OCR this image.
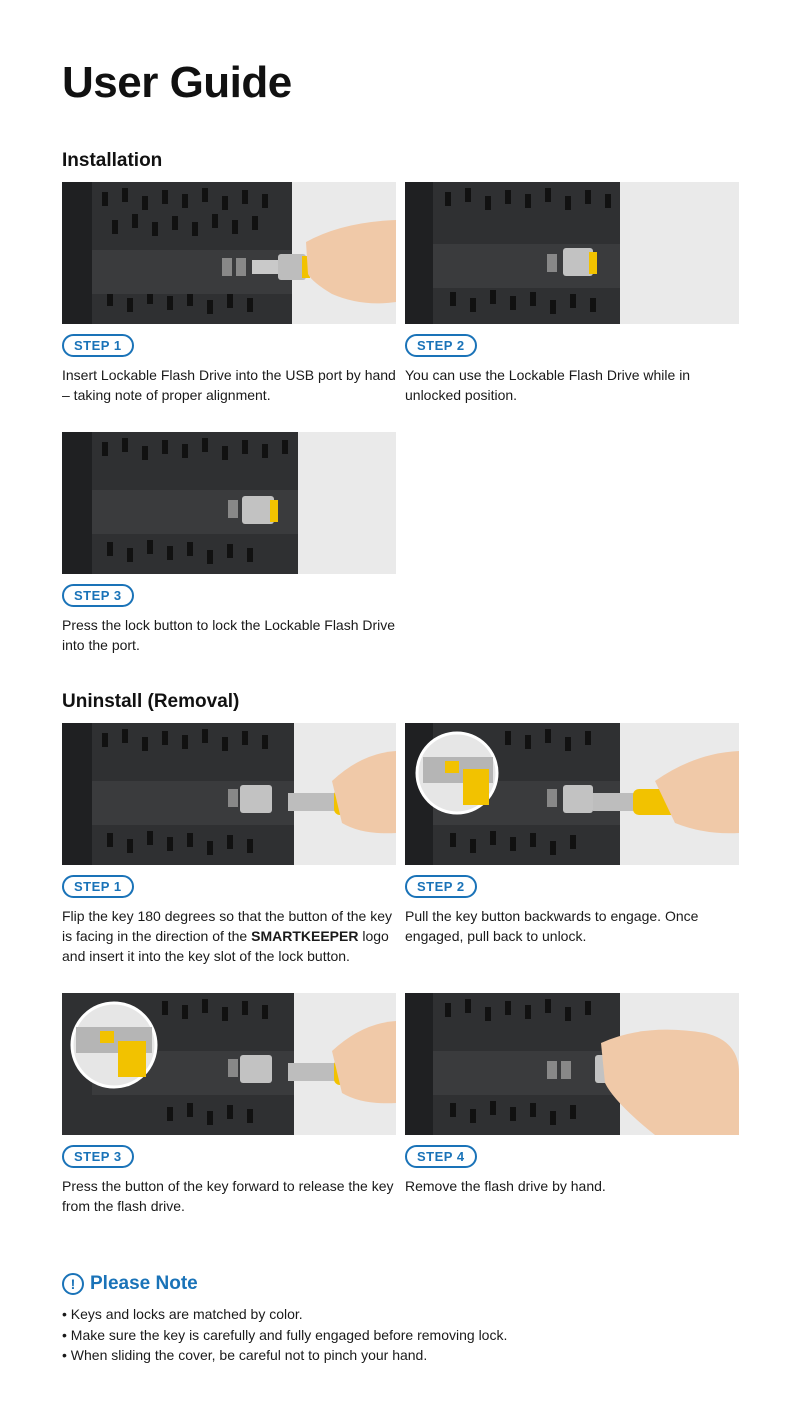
User Guide
Installation
STEP 1
Insert Lockable Flash Drive into the USB port by hand – taking note of proper alignment.
STEP 2
You can use the Lockable Flash Drive while in unlocked position.
STEP 3
Press the lock button to lock the Lockable Flash Drive into the port.
Uninstall (Removal)
STEP 1
Flip the key 180 degrees so that the button of the key is facing in the direction of the SMARTKEEPER logo and insert it into the key slot of the lock button.
STEP 2
Pull the key button backwards to engage. Once engaged, pull back to unlock.
STEP 3
Press the button of the key forward to release the key from the flash drive.
STEP 4
Remove the flash drive by hand.
! Please Note
• Keys and locks are matched by color.
• Make sure the key is carefully and fully engaged before removing lock.
• When sliding the cover, be careful not to pinch your hand.
